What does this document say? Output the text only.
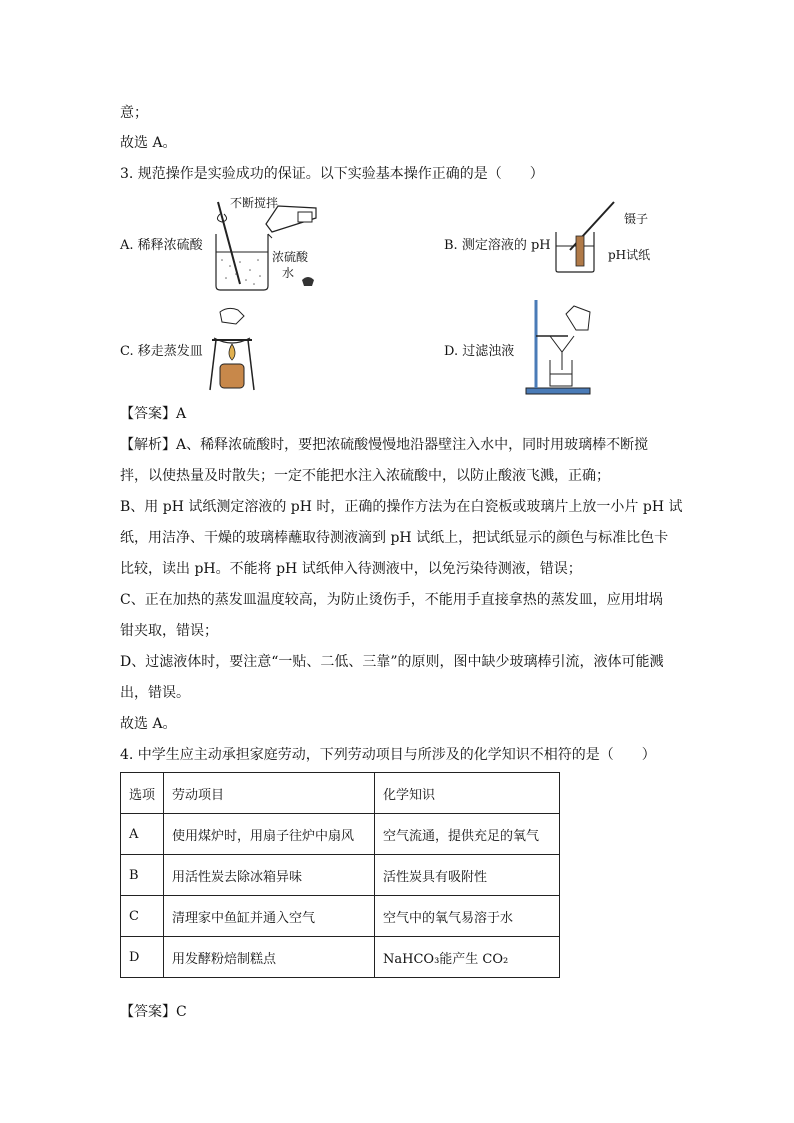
意；
故选 A。
3. 规范操作是实验成功的保证。以下实验基本操作正确的是（　　）
A. 稀释浓硫酸
不断搅拌
浓硫酸
水
B. 测定溶液的 pH
镊子
pH试纸
C. 移走蒸发皿	D. 过滤浊液
【答案】A
【解析】A、稀释浓硫酸时，要把浓硫酸慢慢地沿器壁注入水中，同时用玻璃棒不断搅
拌，以使热量及时散失；一定不能把水注入浓硫酸中，以防止酸液飞溅，正确；
B、用 pH 试纸测定溶液的 pH 时，正确的操作方法为在白瓷板或玻璃片上放一小片 pH 试
纸，用洁净、干燥的玻璃棒蘸取待测液滴到 pH 试纸上，把试纸显示的颜色与标准比色卡
比较，读出 pH。不能将 pH 试纸伸入待测液中，以免污染待测液，错误；
C、正在加热的蒸发皿温度较高，为防止烫伤手，不能用手直接拿热的蒸发皿，应用坩埚
钳夹取，错误；
D、过滤液体时，要注意“一贴、二低、三靠”的原则，图中缺少玻璃棒引流，液体可能溅
出，错误。
故选 A。
4. 中学生应主动承担家庭劳动，下列劳动项目与所涉及的化学知识不相符的是（　　）
选项	劳动项目	化学知识
A	使用煤炉时，用扇子往炉中扇风	空气流通，提供充足的氧气
B	用活性炭去除冰箱异味	活性炭具有吸附性
C	清理家中鱼缸并通入空气	空气中的氧气易溶于水
D	用发酵粉焙制糕点	NaHCO₃能产生 CO₂
【答案】C
